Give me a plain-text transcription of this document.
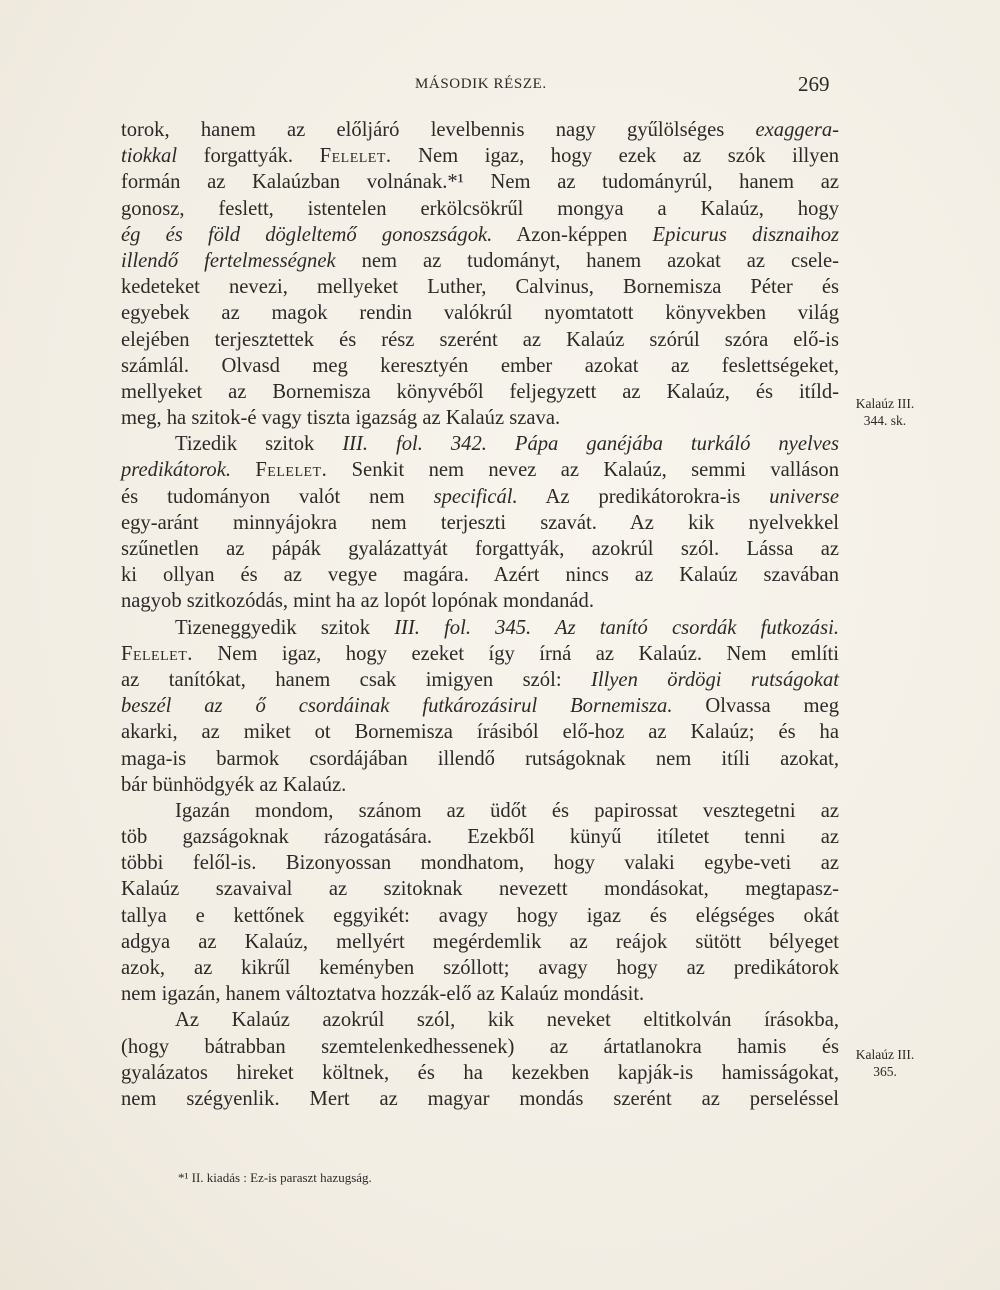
MÁSODIK RÉSZE.	269
torok, hanem az előljáró levelbennis nagy gyűlölséges exaggera-
tiokkal forgattyák. Felelet. Nem igaz, hogy ezek az szók illyen
formán az Kalaúzban volnának.*¹ Nem az tudományrúl, hanem az
gonosz, feslett, istentelen erkölcsökrűl mongya a Kalaúz, hogy
ég és föld döglelteтő gonoszságok. Azon-képpen Epicurus disznaihoz
illendő fertelmességnek nem az tudományt, hanem azokat az csele-
kedeteket nevezi, mellyeket Luther, Calvinus, Bornemisza Péter és
egyebek az magok rendin valókrúl nyomtatott könyvekben világ
elejében terjesztettek és rész szerént az Kalaúz szórúl szóra elő-is
számlál. Olvasd meg keresztyén ember azokat az feslettségeket,
mellyeket az Bornemisza könyvéből feljegyzett az Kalaúz, és itíld-
meg, ha szitok-é vagy tiszta igazság az Kalaúz szava.
Tizedik szitok III. fol. 342. Pápa ganéjába turkáló nyelves
predikátorok. Felelet. Senkit nem nevez az Kalaúz, semmi valláson
és tudományon valót nem specificál. Az predikátorokra-is universe
egy-aránt minnyájokra nem terjeszti szavát. Az kik nyelvekkel
szűnetlen az pápák gyalázattyát forgattyák, azokrúl szól. Lássa az
ki ollyan és az vegye magára. Azért nincs az Kalaúz szavában
nagyob szitkozódás, mint ha az lopót lopónak mondanád.
Tizeneggyedik szitok III. fol. 345. Az tanító csordák futkozási.
Felelet. Nem igaz, hogy ezeket így írná az Kalaúz. Nem említi
az tanítókat, hanem csak imigyen szól: Illyen ördögi rutságokat
beszél az ő csordáinak futkározásirul Bornemisza. Olvassa meg
akarki, az miket ot Bornemisza írásiból elő-hoz az Kalaúz; és ha
maga-is barmok csordájában illendő rutságoknak nem itíli azokat,
bár bünhödgyék az Kalaúz.
Igazán mondom, szánom az üdőt és papirossat vesztegetni az
töb gazságoknak rázogatására. Ezekből künyű itíletet tenni az
többi felől-is. Bizonyossan mondhatom, hogy valaki egybe-veti az
Kalaúz szavaival az szitoknak nevezett mondásokat, megtapasz-
tallya e kettőnek eggyikét: avagy hogy igaz és elégséges okát
adgya az Kalaúz, mellyért megérdemlik az reájok sütött bélyeget
azok, az kikrűl keményben szóllott; avagy hogy az predikátorok
nem igazán, hanem változtatva hozzák-elő az Kalaúz mondásit.
Az Kalaúz azokrúl szól, kik neveket eltitkolván írásokba,
(hogy bátrabban szemtelenkedhessenek) az ártatlanokra hamis és
gyalázatos hireket költnek, és ha kezekben kapják-is hamisságokat,
nem szégyenlik. Mert az magyar mondás szerént az perseléssel
Kalaúz III.
344. sk.
Kalaúz III.
365.
*¹ II. kiadás : Ez-is paraszt hazugság.
